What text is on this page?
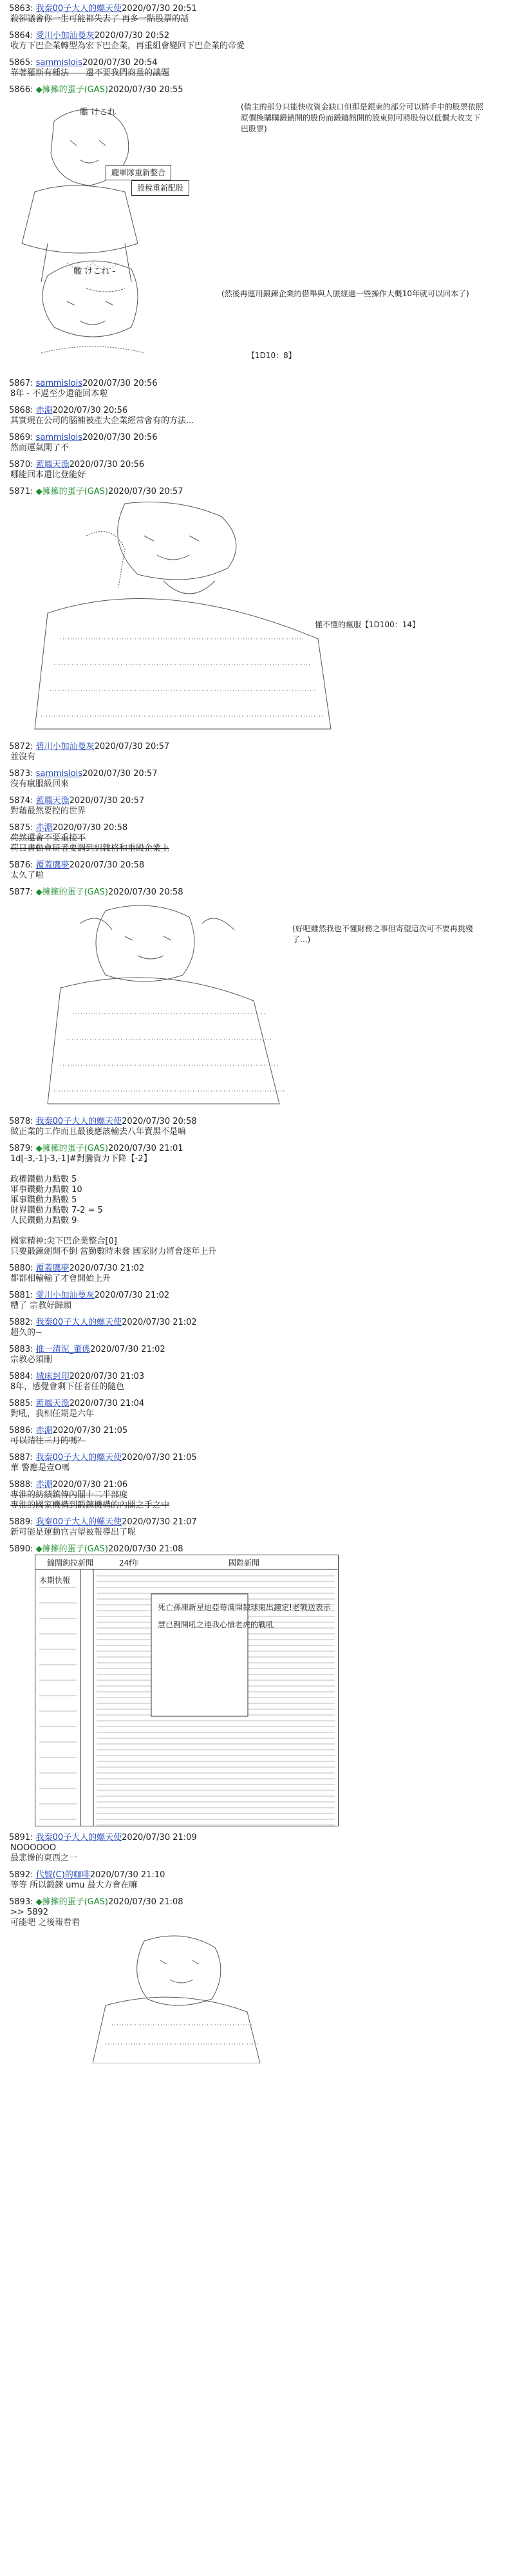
5863: 我秦00子大人的螺天使2020/07/30 20:51
殺卻議會你一生可能都失去了 再多一點股票的話
5864: 愛川小加汕曼灰2020/07/30 20:52
收方下巴企業轉型為宏下巴企業，再重組會變回下巴企業的帝愛
5865: sammislois2020/07/30 20:54
靠著羅斯有種法——還不要我們商量的議題
5866: ◆擁擁的蛋子(GAS)2020/07/30 20:55
艦 けこれ
艦 けこれ -
龐軍隊重新整合
股稅重新配股
(債主的部分只能快收資金缺口但那是銀東的部分可以將手中的股票依照原價換購購鍛銷開的股份而鍛鑄館開的股東則可將股份以低價大收支下巴股票)
(然後再運用鍛鍊企業的借舉與人脈經過一些操作大概10年就可以回本了)
【1D10：8】
5867: sammislois2020/07/30 20:56
8年 - 不過至少還能回本啦
5868: 赤淵2020/07/30 20:56
其實現在公司的腦補被產大企業經常會有的方法...
5869: sammislois2020/07/30 20:56
然而運氣開了不
5870: 藍鳳天漁2020/07/30 20:56
哪能回本還比登能好
5871: ◆擁擁的蛋子(GAS)2020/07/30 20:57
懂不懂的瘋服【1D100：14】
5872: 碧川小加汕曼灰2020/07/30 20:57
並沒有
5873: sammislois2020/07/30 20:57
沒有瘋服級回來
5874: 藍鳳天漁2020/07/30 20:57
對藉最然要控的世界
5875: 赤淵2020/07/30 20:58
荷然還會不要重接不
荷日書動會研者要調到糾雜格和重殿企業上
5876: 覆蓋鷹夢2020/07/30 20:58
太久了啦
5877: ◆擁擁的蛋子(GAS)2020/07/30 20:58
(好吧雖然我也不懂財務之事但寄望這次可不要再挑殘了...)
5878: 我秦00子大人的螺天使2020/07/30 20:58
做正業的工作而且最後應該輸去八年賣黑不是嘛
5879: ◆擁擁的蛋子(GAS)2020/07/30 21:01
1d[-3,-1]-3,-1]#對騰資力下降【-2】

政權鑽動力點數 5
軍事鑽動力點數 10
軍事鑽動力點數 5
財界鑽動力點數 7-2 = 5
人民鑽動力點數 9

國家精神:尖下巴企業整合[0]
只要鍛鍊劍開不倒 當勤數時未發 國家財力將會逐年上升
5880: 覆蓋鷹夢2020/07/30 21:02
都都相輸輸了才會開始上升
5881: 愛川小加汕曼灰2020/07/30 21:02
糟了 宗教好歸願
5882: 我秦00子大人的螺天使2020/07/30 21:02
超久的~
5883: 推一清泥_董係2020/07/30 21:02
宗教必須刪
5884: 城床封印2020/07/30 21:03
8年，感覺會剩下任者任的隨色
5885: 藍鳳天漁2020/07/30 21:04
對吼，我相任期是六年
5886: 赤淵2020/07/30 21:05
可以請往三月的嗎？
5887: 我秦00子大人的螺天使2020/07/30 21:05
華 警應是壹O嗎
5888: 赤淵2020/07/30 21:06
專淮的紡績鎮傳內閣十二半部度
專淮的國家機構到鍛鍊機構的內閣之手之中
5889: 我秦00子大人的螺天使2020/07/30 21:07
新可能是運動官吉望被報導出了呢
5890: ◆擁擁的蛋子(GAS)2020/07/30 21:08
錦闊鉤拉新聞	24f年	國際新聞
本期快報
死亡孫凍新星迪亞莓滿開隸球東出鐘定!老戰送表示慧已賢開吼之連我心憤老虎的戰吼
5891: 我秦00子大人的螺天使2020/07/30 21:09
NOOOOOO
最悲慘的東西之一
5892: 代號(C)的咖啡2020/07/30 21:10
等等 所以鍛鍊 umu 最大方會在嘛
5893: ◆擁擁的蛋子(GAS)2020/07/30 21:08
>> 5892
可能吧 之後報看看
